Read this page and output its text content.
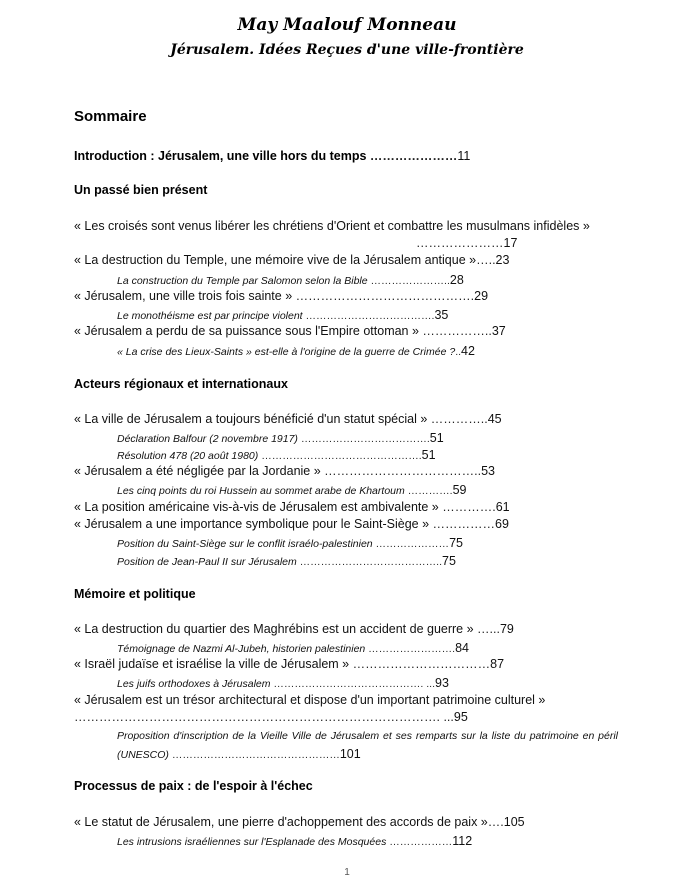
May Maalouf Monneau
Jérusalem. Idées Reçues d'une ville-frontière
Sommaire
Introduction : Jérusalem, une ville hors du temps …………………11
Un passé bien présent
« Les croisés sont venus libérer les chrétiens d'Orient et combattre les musulmans infidèles »
…………………17
« La destruction du Temple, une mémoire vive de la Jérusalem antique »…..23
La construction du Temple par Salomon selon la Bible …………………..28
« Jérusalem, une ville trois fois sainte » …………………………………….29
Le monothéisme est par principe violent ……………………………….35
« Jérusalem a perdu de sa puissance sous l'Empire ottoman » ……………..37
« La crise des Lieux-Saints » est-elle à l'origine de la guerre de Crimée ?..42
Acteurs régionaux et internationaux
« La ville de Jérusalem a toujours bénéficié d'un statut spécial » …………..45
Déclaration Balfour (2 novembre 1917) ……………………………….51
Résolution 478 (20 août 1980) ……………………………………….51
« Jérusalem a été négligée par la Jordanie » ………………………………..53
Les cinq points du roi Hussein au sommet arabe de Khartoum ………….59
« La position américaine vis-à-vis de Jérusalem est ambivalente » ………….61
« Jérusalem a une importance symbolique pour le Saint-Siège » ……………69
Position du Saint-Siège sur le conflit israélo-palestinien …………………75
Position de Jean-Paul II sur Jérusalem …………………………………..75
Mémoire et politique
« La destruction du quartier des Maghrébins est un accident de guerre » …...79
Témoignage de Nazmi Al-Jubeh, historien palestinien …………………….84
« Israël judaïse et israélise la ville de Jérusalem » ……………………………87
Les juifs orthodoxes à Jérusalem ……………………………………. ...93
« Jérusalem est un trésor architectural et dispose d'un important patrimoine culturel »
……………………………………………………………………………. ...95
Proposition d'inscription de la Vieille Ville de Jérusalem et ses remparts sur la liste du patrimoine en péril (UNESCO) …………………………………………101
Processus de paix : de l'espoir à l'échec
« Le statut de Jérusalem, une pierre d'achoppement des accords de paix »….105
Les intrusions israéliennes sur l'Esplanade des Mosquées ………………112
1
